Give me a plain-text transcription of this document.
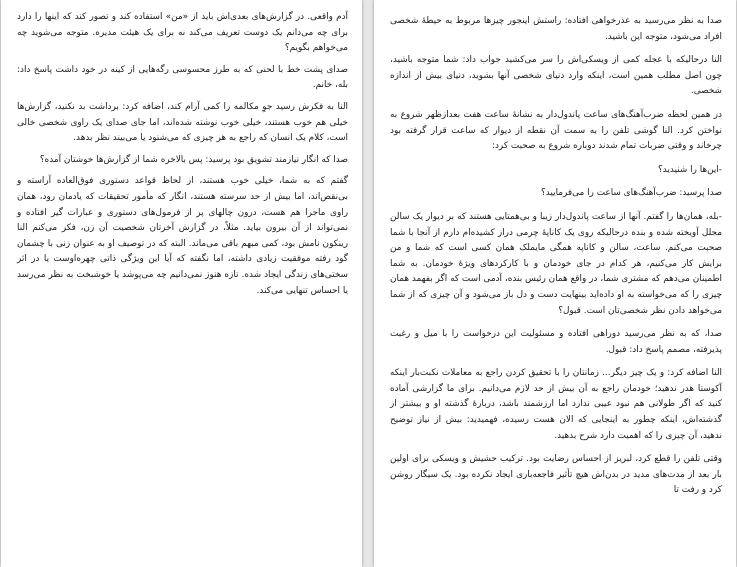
آدم واقعی. در گزارش‌های بعدی‌اش باید از «من» استفاده کند و تصور کند که اینها را دارد برای چه می‌دانم یک دوست تعریف می‌کند نه برای یک هیئت مدیره. متوجه می‌شوید چه می‌خواهم بگویم؟

صدای پشت خط با لحنی که به طرز محسوسی رگه‌هایی از کینه در خود داشت پاسخ داد: بله، خانم.

النا به فکرش رسید جوِ مکالمه را کمی آرام کند، اضافه کرد: برداشت بد نکنید، گزارش‌ها خیلی هم خوب هستند، خیلی خوب نوشته شده‌اند، اما جای صدای یک راوی شخصی خالی است، کلام یک انسان که راجع به هر چیزی که می‌شنود یا می‌بیند نظر بدهد.

صدا که انگار نیازمند تشویق بود پرسید: پس بالاخره شما از گزارش‌ها خوشتان آمده؟

گفتم که به شما، خیلی خوب هستند، از لحاظ قواعد دستوری فوق‌العاده آراسته و بی‌نقص‌اند، اما بیش از حد سرسته هستند، انگار که مأمور تحقیقات که یادمان رود، همان راوی ماجرا هم هست، درون چالهای پر از فرمول‌های دستوری و عبارات گیر افتاده و نمی‌تواند از آن بیرون بیاید. مثلاً، در گزارش آخرتان شخصیت آن زن، فکر می‌کنم النا رینکون نامش بود، کمی مبهم باقی می‌ماند. البته که در توصیف او به عنوان زنی با چشمان گود رفته موفقیت زیادی داشته، اما نگفته که آیا این ویژگی ذاتی چهره‌اوست یا در اثر سختی‌های زندگی ایجاد شده. تازه هنوز نمی‌دانیم چه می‌پوشد یا خوشبخت به نظر می‌رسد یا احساس تنهایی می‌کند.

صدا به نظر می‌رسید به عذرخواهی افتاده: راستش اینجور چیزها مربوط به حیطهٔ شخصی افراد می‌شود، متوجه این باشید.

النا درحالیکه با عجله کمی از ویسکی‌اش را سر می‌کشید جواب داد: شما متوجه باشید، چون اصل مطلب همین است، اینکه وارد دنیای شخصی آنها بشوید، دنیای بیش از اندازه شخصی.

در همین لحظه ضرب‌آهنگ‌های ساعت پاندول‌دار به نشانهٔ ساعت هفت بعدازظهر شروع به نواختن کرد. النا گوشی تلفن را به سمت آن نقطه از دیوار که ساعت قرار گرفته بود چرخاند و وقتی ضربات تمام شدند دوباره شروع به صحبت کرد:

-این‌ها را شنیدید؟

صدا پرسید: ضرب‌آهنگ‌های ساعت را می‌فرمایید؟

-بله، همان‌ها را گفتم. آنها از ساعت پاندول‌دار زیبا و بی‌همتایی هستند که بر دیوار یک سالن مجلل آویخته شده و بنده درحالیکه روی یک کاناپهٔ چرمی دراز کشیده‌ام دارم از آنجا با شما صحبت می‌کنم. ساعت، سالن و کاناپه همگی مایملک همان کسی است که شما و من برایش کار می‌کنیم، هر کدام در جای خودمان و با کارکردهای ویژهٔ خودمان. به شما اطمینان می‌دهم که مشتری شما، در واقع همان رئیس بنده، آدمی است که اگر بفهمد همان چیزی را که می‌خواسته به او داده‌اید بینهایت دست و دل باز می‌شود و آن چیزی که از شما می‌خواهد دادن نظر شخصی‌تان است. قبول؟

صدا، که به نظر می‌رسید دوراهی افتاده و مسئولیت این درخواست را با میل و رغبت پذیرفته، مصمم پاسخ داد: قبول.

النا اضافه کرد: و یک چیز دیگر... زمانتان را با تحقیق کردن راجع به معاملات نکبت‌بار اینکه آکوستا هدر ندهید؛ خودمان راجع به آن بیش از حد لازم می‌دانیم. برای ما گزارشی آماده کنید که اگر طولانی هم نبود عیبی ندارد اما ارزشمند باشد، دربارهٔ گذشته او و بیشتر از گذشته‌اش، اینکه چطور به اینجایی که الان هست رسیده، فهمیدید: بیش از نیاز توضیح ندهید، آن چیزی را که اهمیت دارد شرح بدهید.

وقتی تلفن را قطع کرد، لبریز از احساس رضایت بود. ترکیب حشیش و ویسکی برای اولین بار بعد از مدت‌های مدید در بدن‌اش هیچ تأثیر فاجعه‌باری ایجاد نکرده بود. یک سیگار روشن کرد و رفت تا
